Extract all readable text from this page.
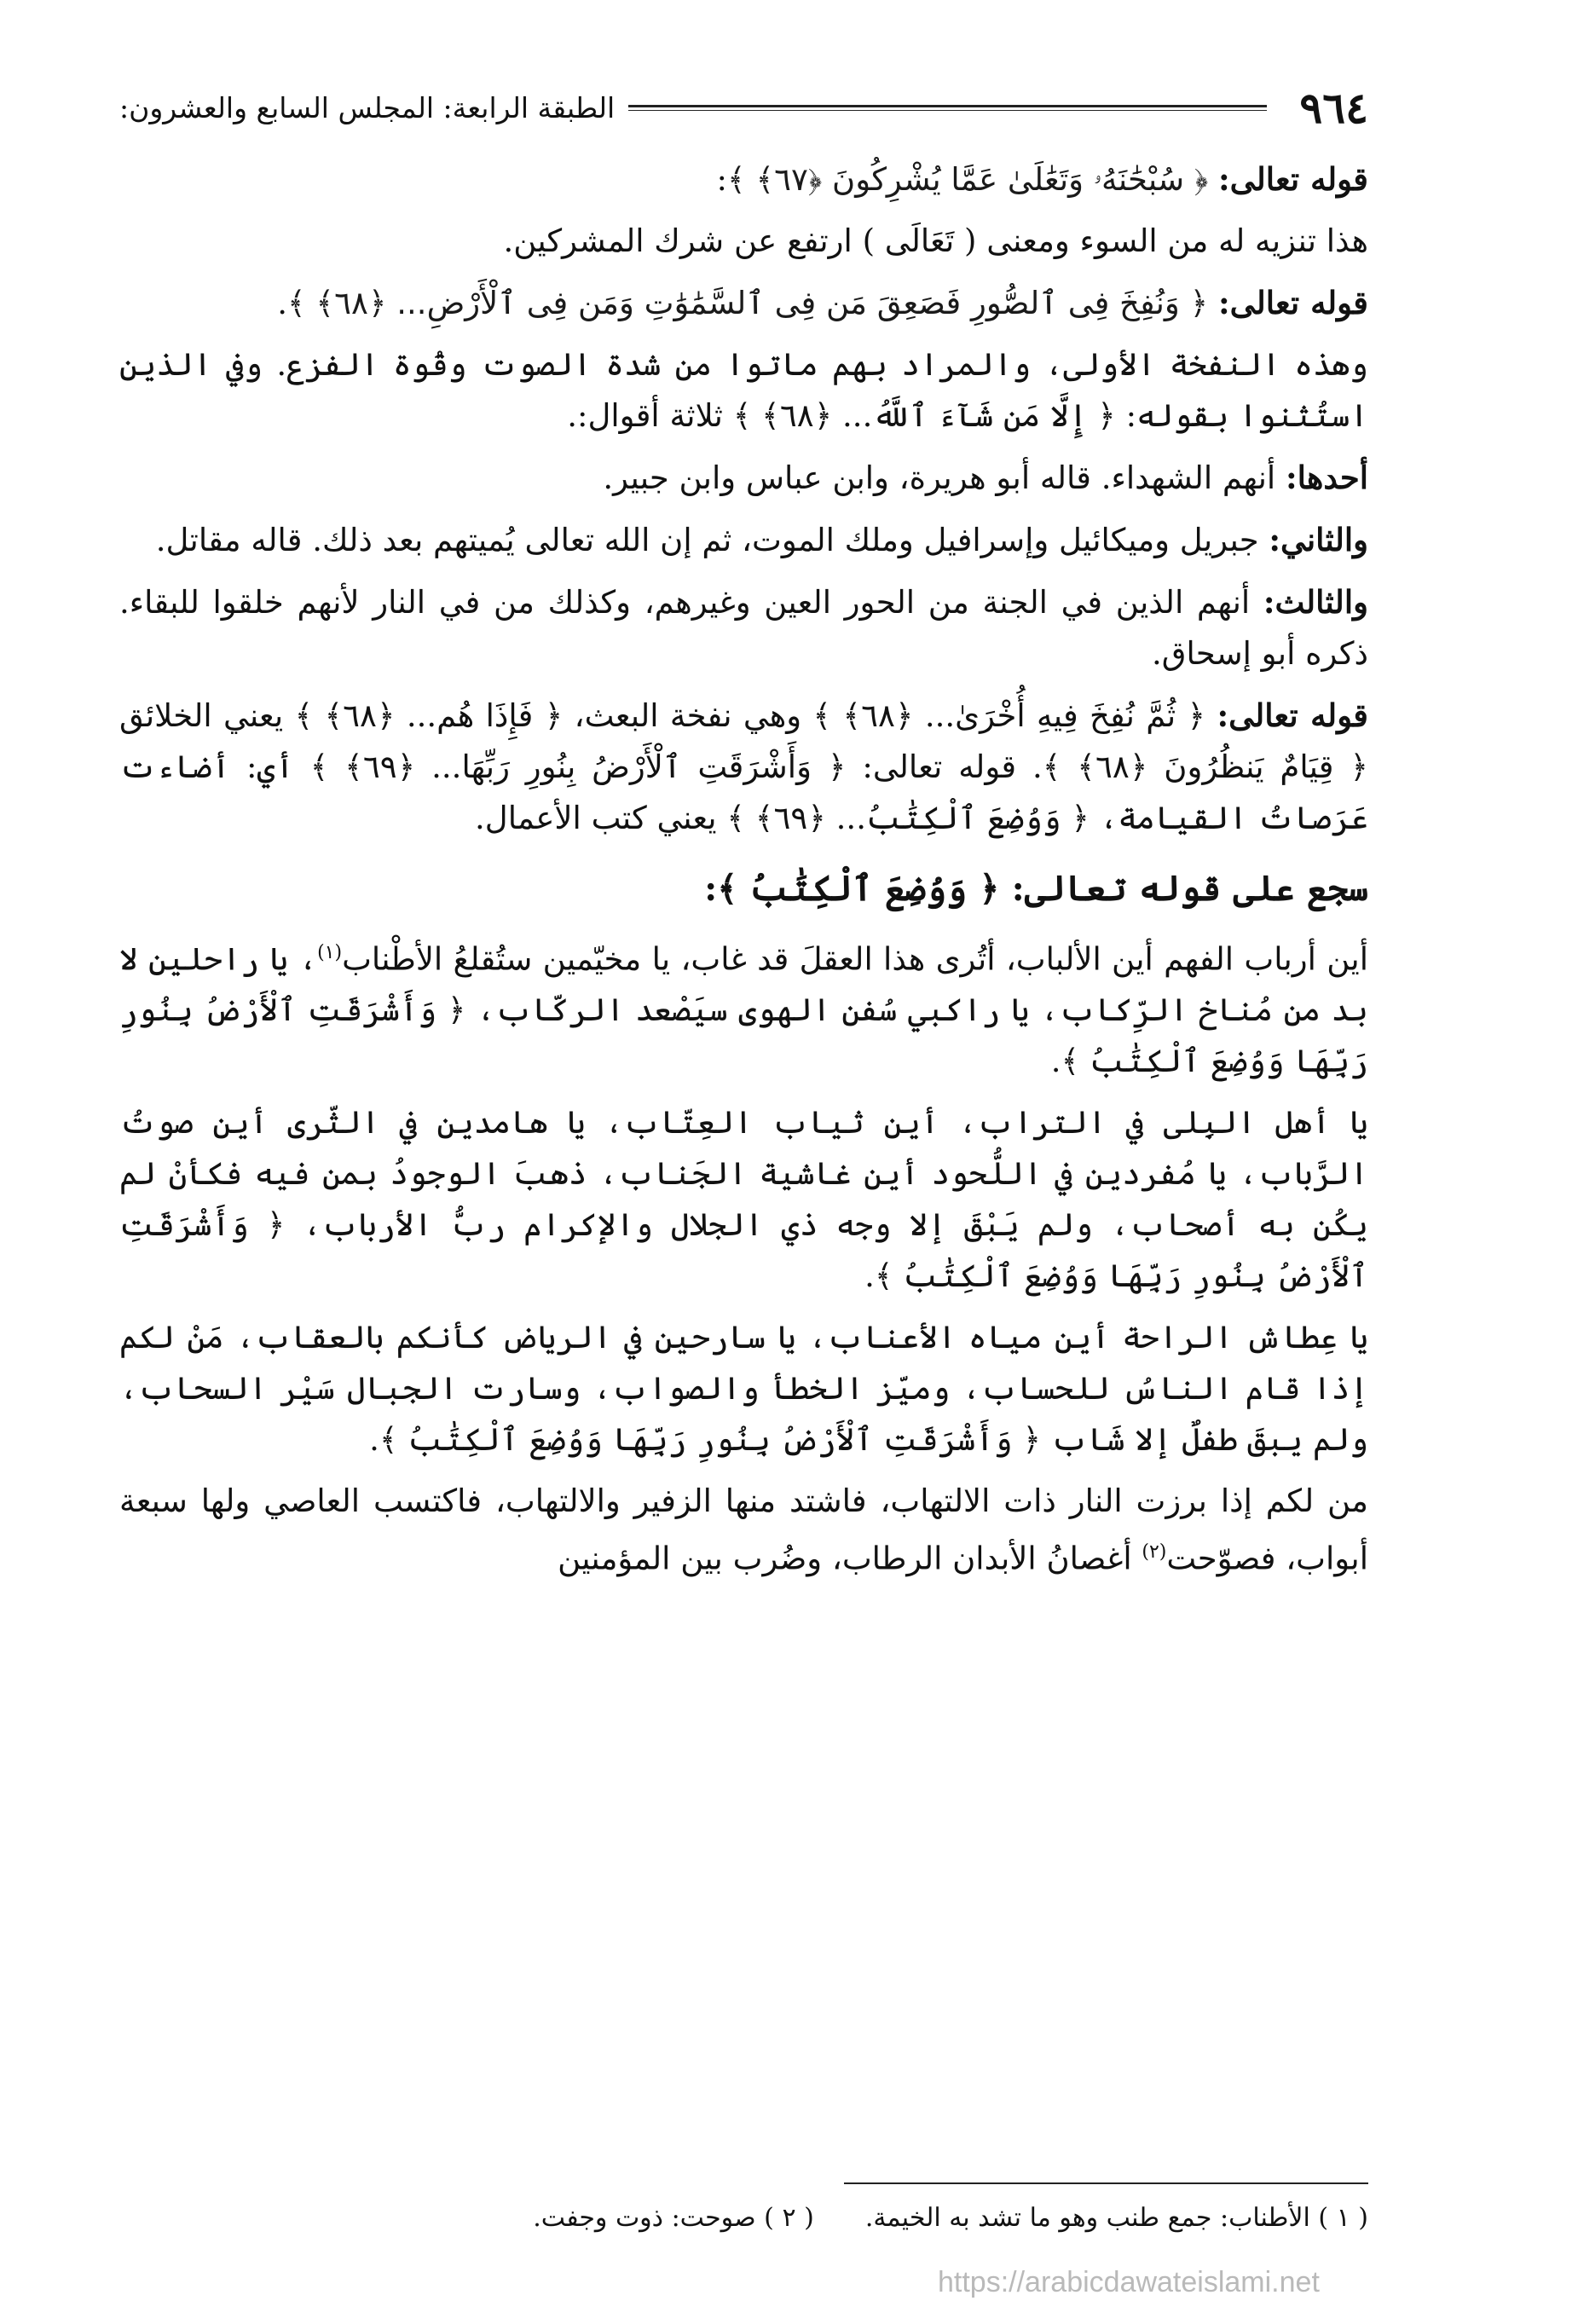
٩٦٤
الطبقة الرابعة: المجلس السابع والعشرون:

قوله تعالى: ﴿ سُبْحَٰنَهُۥ وَتَعَٰلَىٰ عَمَّا يُشْرِكُونَ ﴿٦٧﴾ ﴾:

هذا تنزيه له من السوء ومعنى ( تَعَالَى ) ارتفع عن شرك المشركين.

قوله تعالى: ﴿ وَنُفِخَ فِى ٱلصُّورِ فَصَعِقَ مَن فِى ٱلسَّمَٰوَٰتِ وَمَن فِى ٱلْأَرْضِ... ﴿٦٨﴾ ﴾.

وهذه النفخة الأولى، والمراد بهم ماتوا من شدة الصوت وقُوة الفزع. وفي الذين استُثنوا بقوله: ﴿ إِلَّا مَن شَآءَ ٱللَّهُ... ﴿٦٨﴾ ﴾ ثلاثة أقوال:.

أحدها: أنهم الشهداء. قاله أبو هريرة، وابن عباس وابن جبير.

والثاني: جبريل وميكائيل وإسرافيل وملك الموت، ثم إن الله تعالى يُميتهم بعد ذلك. قاله مقاتل.

والثالث: أنهم الذين في الجنة من الحور العين وغيرهم، وكذلك من في النار لأنهم خلقوا للبقاء. ذكره أبو إسحاق.

قوله تعالى: ﴿ ثُمَّ نُفِخَ فِيهِ أُخْرَىٰ... ﴿٦٨﴾ ﴾ وهي نفخة البعث، ﴿ فَإِذَا هُم... ﴿٦٨﴾ ﴾ يعني الخلائق ﴿ قِيَامٌ يَنظُرُونَ ﴿٦٨﴾ ﴾. قوله تعالى: ﴿ وَأَشْرَقَتِ ٱلْأَرْضُ بِنُورِ رَبِّهَا... ﴿٦٩﴾ ﴾ أي: أضاءت عَرَصاتُ القيامة، ﴿ وَوُضِعَ ٱلْكِتَٰبُ... ﴿٦٩﴾ ﴾ يعني كتب الأعمال.

سجع على قوله تعالى: ﴿ وَوُضِعَ ٱلْكِتَٰبُ ﴾:

أين أرباب الفهم أين الألباب، أتُرى هذا العقلَ قد غاب، يا مخيّمين ستُقلعُ الأطْناب$^{(١)}$، يا راحلين لا بد من مُناخ الرِّكاب، يا راكبي سُفن الهوى سيَصْعد الركّاب، ﴿ وَأَشْرَقَتِ ٱلْأَرْضُ بِنُورِ رَبِّهَا وَوُضِعَ ٱلْكِتَٰبُ ﴾.

يا أهل البِلى في التراب، أين ثياب العِتّاب، يا هامدين في الثّرى أين صوتُ الرَّباب، يا مُفردين في اللُّحود أين غاشية الجَناب، ذهبَ الوجودُ بمن فيه فكأنْ لم يكُن به أصحاب، ولم يَبْقَ إلا وجه ذي الجلال والإكرام ربُّ الأرباب، ﴿ وَأَشْرَقَتِ ٱلْأَرْضُ بِنُورِ رَبِّهَا وَوُضِعَ ٱلْكِتَٰبُ ﴾.

يا عِطاش الراحة أين مياه الأعناب، يا سارحين في الرياض كأنكم بالعقاب، مَنْ لكم إذا قام الناسُ للحساب، وميّز الخطأ والصواب، وسارت الجبال سَيْر السحاب، ولم يبقَ طفلٌ إلا شَاب ﴿ وَأَشْرَقَتِ ٱلْأَرْضُ بِنُورِ رَبِّهَا وَوُضِعَ ٱلْكِتَٰبُ ﴾.

من لكم إذا برزت النار ذات الالتهاب، فاشتد منها الزفير والالتهاب، فاكتسب العاصي ولها سبعة أبواب، فصوّحت$^{(٢)}$ أغصانُ الأبدان الرطاب، وضُرب بين المؤمنين

( ١ ) الأطناب: جمع طنب وهو ما تشد به الخيمة.
( ٢ ) صوحت: ذوت وجفت.
https://arabicdawateislami.net
